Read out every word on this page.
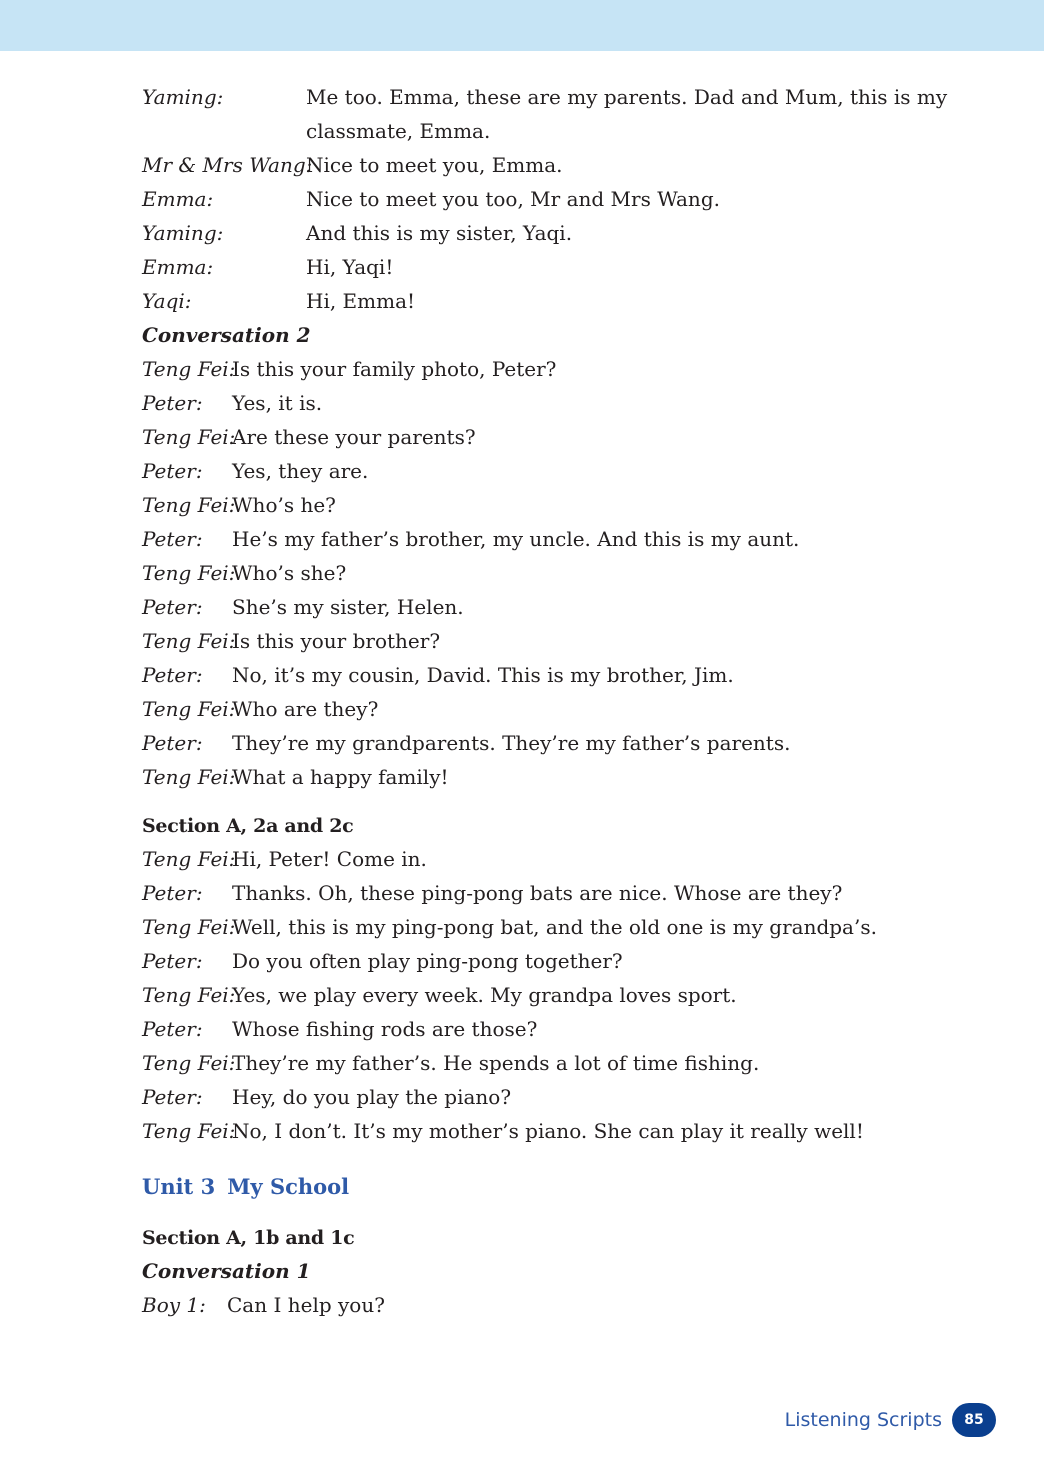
Yaming:	Me too. Emma, these are my parents. Dad and Mum, this is my classmate, Emma.
Mr & Mrs Wang:
Nice to meet you, Emma.
Emma:	Nice to meet you too, Mr and Mrs Wang.
Yaming:	And this is my sister, Yaqi.
Emma:	Hi, Yaqi!
Yaqi:	Hi, Emma!
Conversation 2
Teng Fei:
Is this your family photo, Peter?
Peter:	Yes, it is.
Teng Fei:
Are these your parents?
Peter:	Yes, they are.
Teng Fei:
Who’s he?
Peter:	He’s my father’s brother, my uncle. And this is my aunt.
Teng Fei:
Who’s she?
Peter:	She’s my sister, Helen.
Teng Fei:
Is this your brother?
Peter:	No, it’s my cousin, David. This is my brother, Jim.
Teng Fei:
Who are they?
Peter:	They’re my grandparents. They’re my father’s parents.
Teng Fei:
What a happy family!
Section A, 2a and 2c
Teng Fei:
Hi, Peter! Come in.
Peter:	Thanks. Oh, these ping-pong bats are nice. Whose are they?
Teng Fei:
Well, this is my ping-pong bat, and the old one is my grandpa’s.
Peter:	Do you often play ping-pong together?
Teng Fei:
Yes, we play every week. My grandpa loves sport.
Peter:	Whose fishing rods are those?
Teng Fei:
They’re my father’s. He spends a lot of time fishing.
Peter:	Hey, do you play the piano?
Teng Fei:
No, I don’t. It’s my mother’s piano. She can play it really well!
Unit 3 My School
Section A, 1b and 1c
Conversation 1
Boy 1:	Can I help you?
Listening Scripts	85
